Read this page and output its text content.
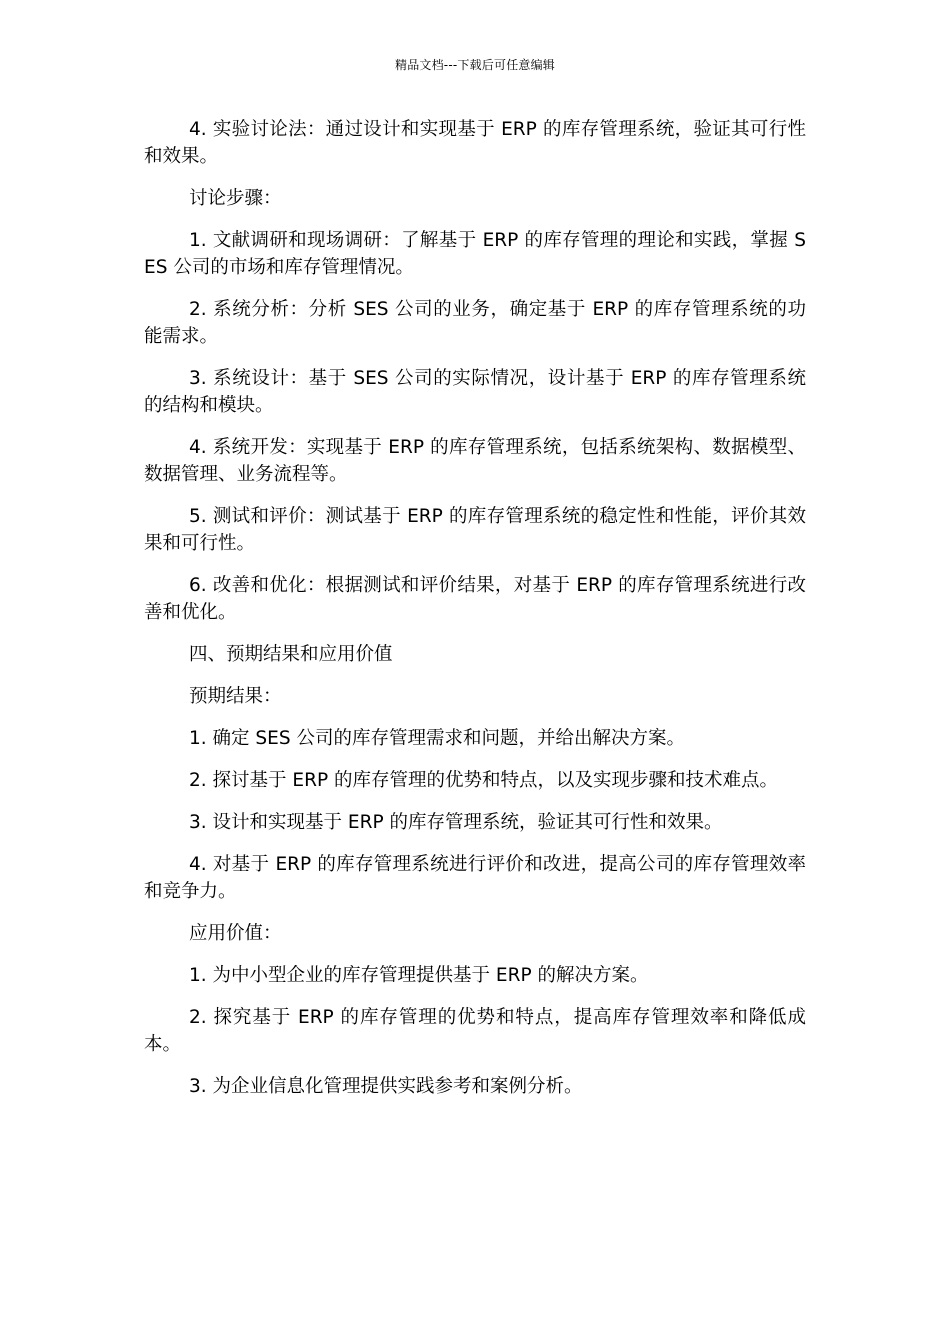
精品文档---下载后可任意编辑

4. 实验讨论法：通过设计和实现基于 ERP 的库存管理系统，验证其可行性和效果。

讨论步骤：

1. 文献调研和现场调研：了解基于 ERP 的库存管理的理论和实践，掌握 SES 公司的市场和库存管理情况。

2. 系统分析：分析 SES 公司的业务，确定基于 ERP 的库存管理系统的功能需求。

3. 系统设计：基于 SES 公司的实际情况，设计基于 ERP 的库存管理系统的结构和模块。

4. 系统开发：实现基于 ERP 的库存管理系统，包括系统架构、数据模型、数据管理、业务流程等。

5. 测试和评价：测试基于 ERP 的库存管理系统的稳定性和性能，评价其效果和可行性。

6. 改善和优化：根据测试和评价结果，对基于 ERP 的库存管理系统进行改善和优化。

四、预期结果和应用价值

预期结果：

1. 确定 SES 公司的库存管理需求和问题，并给出解决方案。

2. 探讨基于 ERP 的库存管理的优势和特点，以及实现步骤和技术难点。

3. 设计和实现基于 ERP 的库存管理系统，验证其可行性和效果。

4. 对基于 ERP 的库存管理系统进行评价和改进，提高公司的库存管理效率和竞争力。

应用价值：

1. 为中小型企业的库存管理提供基于 ERP 的解决方案。

2. 探究基于 ERP 的库存管理的优势和特点，提高库存管理效率和降低成本。

3. 为企业信息化管理提供实践参考和案例分析。
